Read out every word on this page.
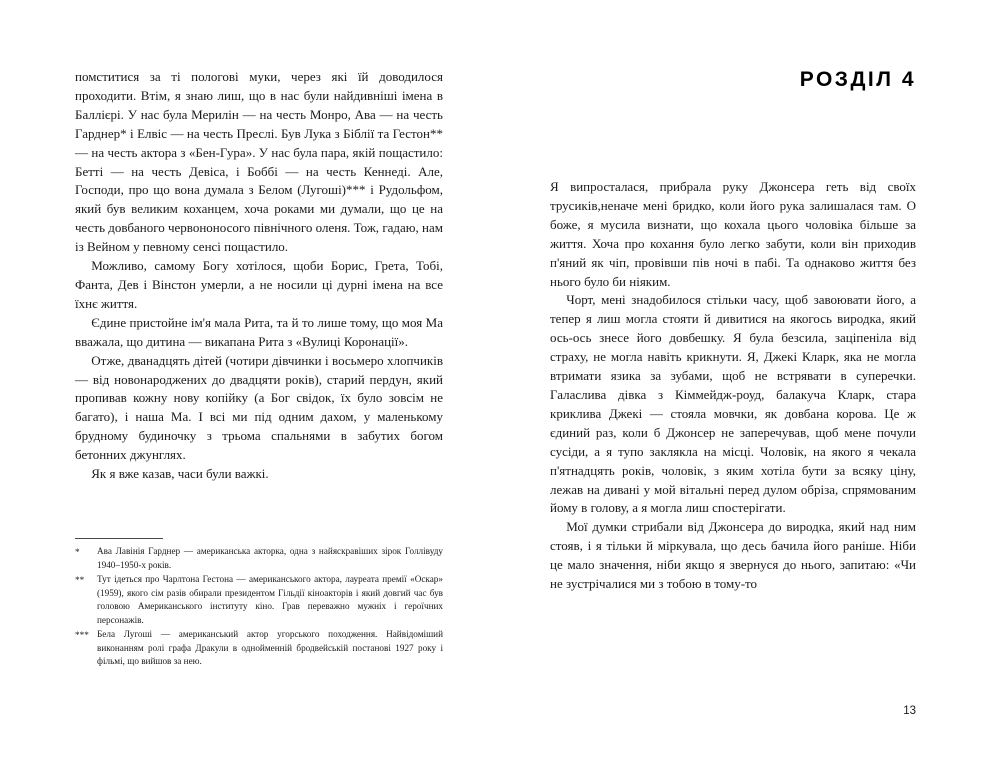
помститися за ті пологові муки, через які їй доводилося проходити. Втім, я знаю лиш, що в нас були найдивніші імена в Баллієрі. У нас була Мерилін — на честь Монро, Ава — на честь Гарднер* і Елвіс — на честь Преслі. Був Лука з Біблії та Гестон** — на честь актора з «Бен-Гура». У нас була пара, якій пощастило: Бетті — на честь Девіса, і Боббі — на честь Кеннеді. Але, Господи, про що вона думала з Белом (Лугоші)*** і Рудольфом, який був великим коханцем, хоча роками ми думали, що це на честь довбаного червононосого північного оленя. Тож, гадаю, нам із Вейном у певному сенсі пощастило.

Можливо, самому Богу хотілося, щоби Борис, Грета, Тобі, Фанта, Дев і Вінстон умерли, а не носили ці дурні імена на все їхнє життя.

Єдине пристойне ім'я мала Рита, та й то лише тому, що моя Ма вважала, що дитина — викапана Рита з «Вулиці Коронації».

Отже, дванадцять дітей (чотири дівчинки і восьмеро хлопчиків — від новонароджених до двадцяти років), старий пердун, який пропивав кожну нову копійку (а Бог свідок, їх було зовсім не багато), і наша Ма. І всі ми під одним дахом, у маленькому брудному будиночку з трьома спальнями в забутих богом бетонних джунглях.

Як я вже казав, часи були важкі.

*	Ава Лавінія Гарднер — американська акторка, одна з найяскравіших зірок Голлівуду 1940–1950-х років.
**	Тут ідеться про Чарлтона Гестона — американського актора, лауреата премії «Оскар» (1959), якого сім разів обирали президентом Гільдії кіноакторів і який довгий час був головою Американського інституту кіно. Грав переважно мужніх і героїчних персонажів.
*** Бела Лугоші — американський актор угорського походження. Найвідоміший виконанням ролі графа Дракули в однойменній бродвейській постанові 1927 року і фільмі, що вийшов за нею.
РОЗДІЛ 4

Я випросталася, прибрала руку Джонсера геть від своїх трусиків,неначе мені бридко, коли його рука залишалася там. О боже, я мусила визнати, що кохала цього чоловіка більше за життя. Хоча про кохання було легко забути, коли він приходив п'яний як чіп, провівши пів ночі в пабі. Та однаково життя без нього було би ніяким.

Чорт, мені знадобилося стільки часу, щоб завоювати його, а тепер я лиш могла стояти й дивитися на якогось виродка, який ось-ось знесе його довбешку. Я була безсила, заціпеніла від страху, не могла навіть крикнути. Я, Джекі Кларк, яка не могла втримати язика за зубами, щоб не встрявати в суперечки. Галаслива дівка з Кіммейдж-роуд, балакуча Кларк, стара криклива Джекі — стояла мовчки, як довбана корова. Це ж єдиний раз, коли б Джонсер не заперечував, щоб мене почули сусіди, а я тупо заклякла на місці. Чоловік, на якого я чекала п'ятнадцять років, чоловік, з яким хотіла бути за всяку ціну, лежав на дивані у мой вітальні перед дулом обріза, спрямованим йому в голову, а я могла лиш спостерігати.

Мої думки стрибали від Джонсера до виродка, який над ним стояв, і я тільки й міркувала, що десь бачила його раніше. Ніби це мало значення, ніби якщо я звернуся до нього, запитаю: «Чи не зустрічалися ми з тобою в тому-то

13
